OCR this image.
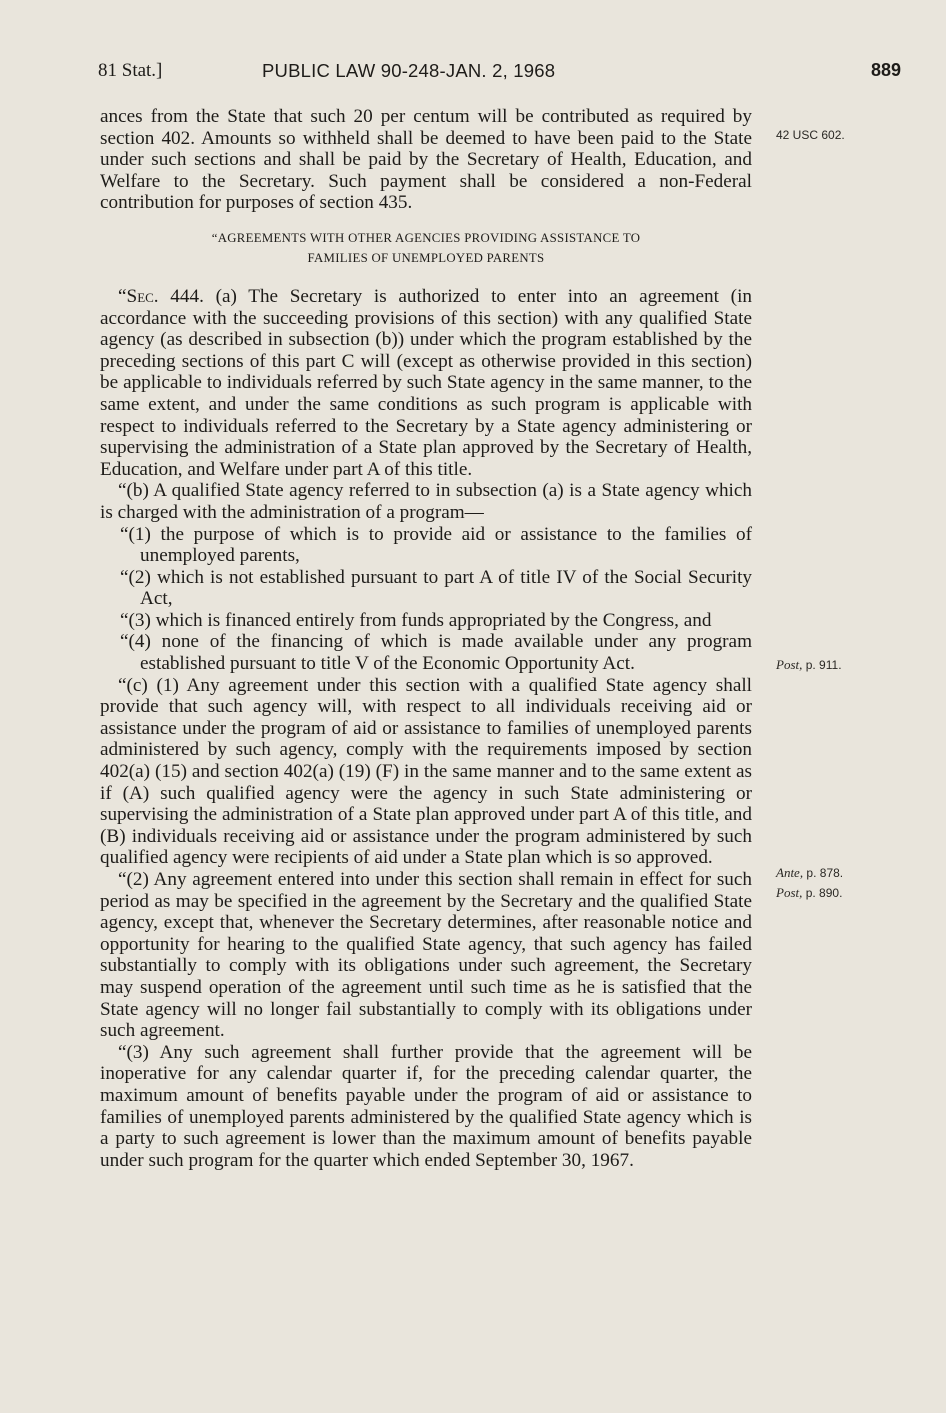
81 Stat.]	PUBLIC LAW 90-248-JAN. 2, 1968	889

ances from the State that such 20 per centum will be contributed as required by section 402. Amounts so withheld shall be deemed to have been paid to the State under such sections and shall be paid by the Secretary of Health, Education, and Welfare to the Secretary. Such payment shall be considered a non-Federal contribution for purposes of section 435.

“AGREEMENTS WITH OTHER AGENCIES PROVIDING ASSISTANCE TO
FAMILIES OF UNEMPLOYED PARENTS

“Sec. 444. (a) The Secretary is authorized to enter into an agreement (in accordance with the succeeding provisions of this section) with any qualified State agency (as described in subsection (b)) under which the program established by the preceding sections of this part C will (except as otherwise provided in this section) be applicable to individuals referred by such State agency in the same manner, to the same extent, and under the same conditions as such program is applicable with respect to individuals referred to the Secretary by a State agency administering or supervising the administration of a State plan approved by the Secretary of Health, Education, and Welfare under part A of this title.

“(b) A qualified State agency referred to in subsection (a) is a State agency which is charged with the administration of a program—

“(1) the purpose of which is to provide aid or assistance to the families of unemployed parents,

“(2) which is not established pursuant to part A of title IV of the Social Security Act,

“(3) which is financed entirely from funds appropriated by the Congress, and

“(4) none of the financing of which is made available under any program established pursuant to title V of the Economic Opportunity Act.

“(c) (1) Any agreement under this section with a qualified State agency shall provide that such agency will, with respect to all individuals receiving aid or assistance under the program of aid or assistance to families of unemployed parents administered by such agency, comply with the requirements imposed by section 402(a) (15) and section 402(a) (19) (F) in the same manner and to the same extent as if (A) such qualified agency were the agency in such State administering or supervising the administration of a State plan approved under part A of this title, and (B) individuals receiving aid or assistance under the program administered by such qualified agency were recipients of aid under a State plan which is so approved.

“(2) Any agreement entered into under this section shall remain in effect for such period as may be specified in the agreement by the Secretary and the qualified State agency, except that, whenever the Secretary determines, after reasonable notice and opportunity for hearing to the qualified State agency, that such agency has failed substantially to comply with its obligations under such agreement, the Secretary may suspend operation of the agreement until such time as he is satisfied that the State agency will no longer fail substantially to comply with its obligations under such agreement.

“(3) Any such agreement shall further provide that the agreement will be inoperative for any calendar quarter if, for the preceding calendar quarter, the maximum amount of benefits payable under the program of aid or assistance to families of unemployed parents administered by the qualified State agency which is a party to such agreement is lower than the maximum amount of benefits payable under such program for the quarter which ended September 30, 1967.

42 USC 602.
Post, p. 911.
Ante, p. 878.
Post, p. 890.
